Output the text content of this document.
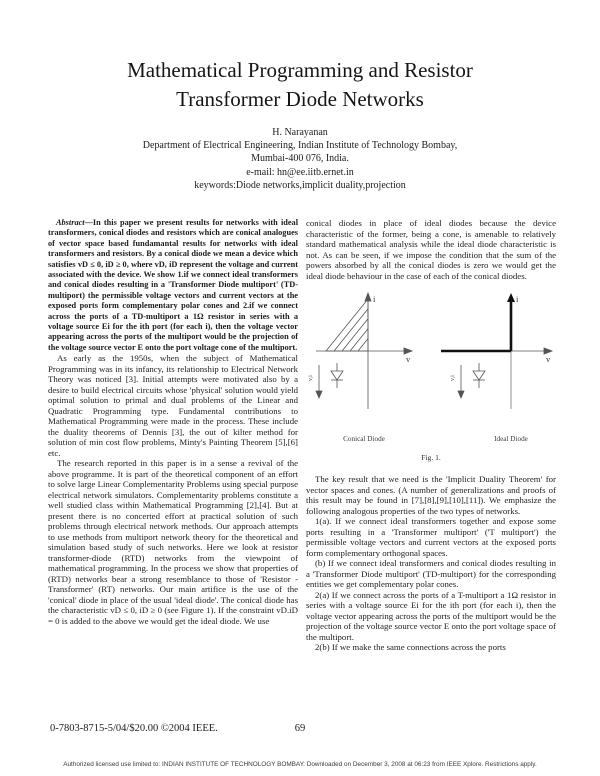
Mathematical Programming and Resistor Transformer Diode Networks
H. Narayanan
Department of Electrical Engineering, Indian Institute of Technology Bombay,
Mumbai-400 076, India.
e-mail: hn@ee.iitb.ernet.in
keywords:Diode networks,implicit duality,projection

Abstract—In this paper we present results for networks with ideal transformers, conical diodes and resistors which are conical analogues of vector space based fundamantal results for networks with ideal transformers and resistors. By a conical diode we mean a device which satisfies vD ≤ 0, iD ≥ 0, where vD, iD represent the voltage and current associated with the device. We show 1.if we connect ideal transformers and conical diodes resulting in a 'Transformer Diode multiport' (TD-multiport) the permissible voltage vectors and current vectors at the exposed ports form complementary polar cones and 2.if we connect across the ports of a TD-multiport a 1Ω resistor in series with a voltage source Ei for the ith port (for each i), then the voltage vector appearing across the ports of the multiport would be the projection of the voltage source vector E onto the port voltage cone of the multiport.

As early as the 1950s, when the subject of Mathematical Programming was in its infancy, its relationship to Electrical Network Theory was noticed [3]. Initial attempts were motivated also by a desire to build electrical circuits whose 'physical' solution would yield optimal solution to primal and dual problems of the Linear and Quadratic Programming type. Fundamental contributions to Mathematical Programming were made in the process. These include the duality theorems of Dennis [3], the out of kilter method for solution of min cost flow problems, Minty's Painting Theorem [5],[6] etc.

The research reported in this paper is in a sense a revival of the above programme. It is part of the theoretical component of an effort to solve large Linear Complementarity Problems using special purpose electrical network simulators. Complementarity problems constitute a well studied class within Mathematical Programming [2],[4]. But at present there is no concerted effort at practical solution of such problems through electrical network methods. Our approach attempts to use methods from multiport network theory for the theoretical and simulation based study of such networks. Here we look at resistor transformer-diode (RTD) networks from the viewpoint of mathematical programming. In the process we show that properties of (RTD) networks bear a strong resemblance to those of 'Resistor - Transformer' (RT) networks. Our main artifice is the use of the 'conical' diode in place of the usual 'ideal diode'. The conical diode has the characteristic vD ≤ 0, iD ≥ 0 (see Figure 1). If the constraint vD.iD = 0 is added to the above we would get the ideal diode. We use

conical diodes in place of ideal diodes because the device characteristic of the former, being a cone, is amenable to relatively standard mathematical analysis while the ideal diode characteristic is not. As can be seen, if we impose the condition that the sum of the powers absorbed by all the conical diodes is zero we would get the ideal diode behaviour in the case of each of the conical diodes.

i
v
v,i
Conical Diode
i
v
v,i
Ideal Diode
Fig. 1.

The key result that we need is the 'Implicit Duality Theorem' for vector spaces and cones. (A number of generalizations and proofs of this result may be found in [7],[8],[9],[10],[11]). We emphasize the following analogous properties of the two types of networks.

1(a). If we connect ideal transformers together and expose some ports resulting in a 'Transformer multiport' ('T multiport') the permissible voltage vectors and current vectors at the exposed ports form complementary orthogonal spaces.

(b) If we connect ideal transformers and conical diodes resulting in a 'Transformer Diode multiport' (TD-multiport) for the corresponding entities we get complementary polar cones.

2(a) If we connect across the ports of a T-multiport a 1Ω resistor in series with a voltage source Ei for the ith port (for each i), then the voltage vector appearing across the ports of the multiport would be the projection of the voltage source vector E onto the port voltage space of the multiport.

2(b) If we make the same connections across the ports

0-7803-8715-5/04/$20.00 ©2004 IEEE.	69
Authorized licensed use limited to: INDIAN INSTITUTE OF TECHNOLOGY BOMBAY. Downloaded on December 3, 2008 at 06:23 from IEEE Xplore. Restrictions apply.
